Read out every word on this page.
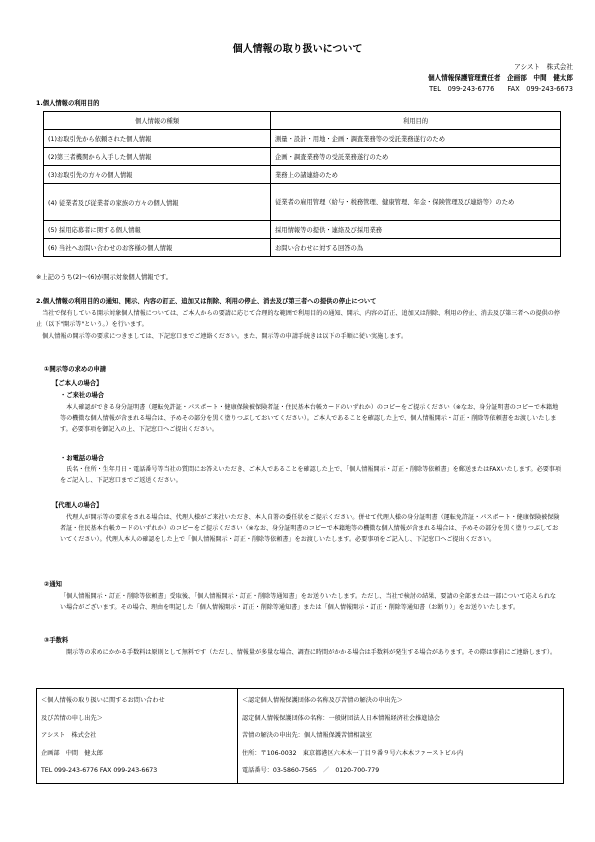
個人情報の取り扱いについて
アシスト　株式会社
個人情報保護管理責任者　企画部　中間　健太郎
TEL　099-243-6776　　FAX　099-243-6673
1.個人情報の利用目的
個人情報の種類	利用目的
(1)お取引先から依頼された個人情報	測量・設計・用地・企画・調査業務等の受託業務遂行のため
(2)第三者機関から入手した個人情報	企画・調査業務等の受託業務遂行のため
(3)お取引先の方々の個人情報	業務上の諸連絡のため
(4) 従業者及び従業者の家族の方々の個人情報	従業者の雇用管理（給与・税務管理、健康管理、年金・保険管理及び連絡等）のため
(5) 採用応募者に関する個人情報	採用情報等の提供・連絡及び採用業務
(6) 当社へお問い合わせのお客様の個人情報	お問い合わせに対する回答の為
※上記のうち(2)～(6)が開示対象個人情報です。
2.個人情報の利用目的の通知、開示、内容の訂正、追加又は削除、利用の停止、消去及び第三者への提供の停止について
　当社で保有している開示対象個人情報については、ご本人からの要請に応じて合理的な範囲で利用目的の通知、開示、内容の訂正、追加又は削除、利用の停止、消去及び第三者への提供の停止（以下"開示等"という。）を行います。
　個人情報の開示等の要求につきましては、下記窓口までご連絡ください。また、開示等の申請手続きは以下の手順に従い実施します。
①開示等の求めの申請
【ご本人の場合】
・ご来社の場合
　本人確認ができる身分証明書（運転免許証・パスポート・健康保険被保険者証・住民基本台帳カードのいずれか）のコピーをご提示ください（※なお、身分証明書のコピーで本籍地等の機微な個人情報が含まれる場合は、予めその部分を黒く塗りつぶしておいてください）。ご本人であることを確認した上で、個人情報開示・訂正・削除等依頼書をお渡しいたします。必要事項を御記入の上、下記窓口へご提出ください。
・お電話の場合
　氏名・住所・生年月日・電話番号等当社の質問にお答えいただき、ご本人であることを確認した上で、「個人情報開示・訂正・削除等依頼書」を郵送またはFAXいたします。必要事項をご記入し、下記窓口までご返送ください。
【代理人の場合】
　代理人が開示等の要求をされる場合は、代理人様がご来社いただき、本人自署の委任状をご提示ください。併せて代理人様の身分証明書（運転免許証・パスポート・健康保険被保険者証・住民基本台帳カードのいずれか）のコピーをご提示ください（※なお、身分証明書のコピーで本籍地等の機微な個人情報が含まれる場合は、予めその部分を黒く塗りつぶしておいてください）。代理人本人の確認をした上で「個人情報開示・訂正・削除等依頼書」をお渡しいたします。必要事項をご記入し、下記窓口へご提出ください。
②通知
「個人情報開示・訂正・削除等依頼書」受取後、「個人情報開示・訂正・削除等通知書」をお送りいたします。ただし、当社で検討の結果、要請の全部または一部について応えられない場合がございます。その場合、理由を明記した「個人情報開示・訂正・削除等通知書」または「個人情報開示・訂正・削除等通知書（お断り）」をお送りいたします。
③手数料
　開示等の求めにかかる手数料は原則として無料です（ただし、情報量が多量な場合、調査に時間がかかる場合は手数料が発生する場合があります。その際は事前にご連絡します）。
＜個人情報の取り扱いに関するお問い合わせ
及び苦情の申し出先＞
アシスト　株式会社
企画部　中間　健太郎
TEL 099-243-6776 FAX 099-243-6673

＜認定個人情報保護団体の名称及び苦情の解決の申出先＞
認定個人情報保護団体の名称：一般財団法人日本情報経済社会推進協会
苦情の解決の申出先：個人情報保護苦情相談室
住所：〒106-0032　東京都港区六本木一丁目９番９号六本木ファーストビル内
電話番号：03-5860-7565　／　0120-700-779
